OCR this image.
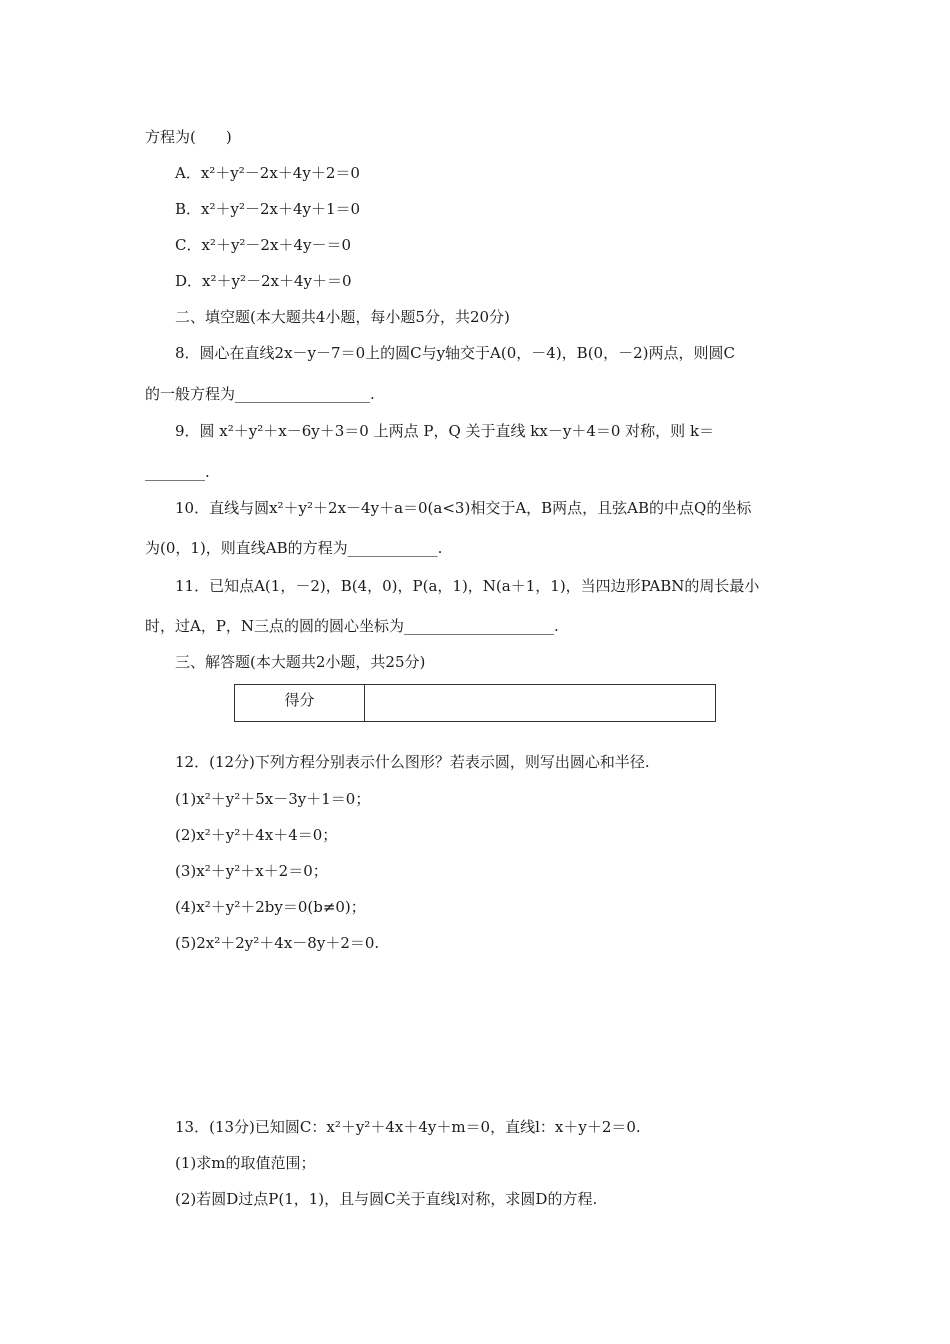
方程为(　　)
A．x²＋y²－2x＋4y＋2＝0
B．x²＋y²－2x＋4y＋1＝0
C．x²＋y²－2x＋4y－＝0
D．x²＋y²－2x＋4y＋＝0
二、填空题(本大题共4小题，每小题5分，共20分)
8．圆心在直线2x－y－7＝0上的圆C与y轴交于A(0，－4)，B(0，－2)两点，则圆C
的一般方程为__________________.
9．圆 x²＋y²＋x－6y＋3＝0 上两点 P，Q 关于直线 kx－y＋4＝0 对称，则 k＝
________.
10．直线与圆x²＋y²＋2x－4y＋a＝0(a<3)相交于A，B两点，且弦AB的中点Q的坐标
为(0，1)，则直线AB的方程为____________.
11．已知点A(1，－2)，B(4，0)，P(a，1)，N(a＋1，1)，当四边形PABN的周长最小
时，过A，P，N三点的圆的圆心坐标为____________________.
三、解答题(本大题共2小题，共25分)
得分
12．(12分)下列方程分别表示什么图形？若表示圆，则写出圆心和半径.
(1)x²＋y²＋5x－3y＋1＝0；
(2)x²＋y²＋4x＋4＝0；
(3)x²＋y²＋x＋2＝0；
(4)x²＋y²＋2by＝0(b≠0)；
(5)2x²＋2y²＋4x－8y＋2＝0.
13．(13分)已知圆C：x²＋y²＋4x＋4y＋m＝0，直线l：x＋y＋2＝0.
(1)求m的取值范围；
(2)若圆D过点P(1，1)，且与圆C关于直线l对称，求圆D的方程.
